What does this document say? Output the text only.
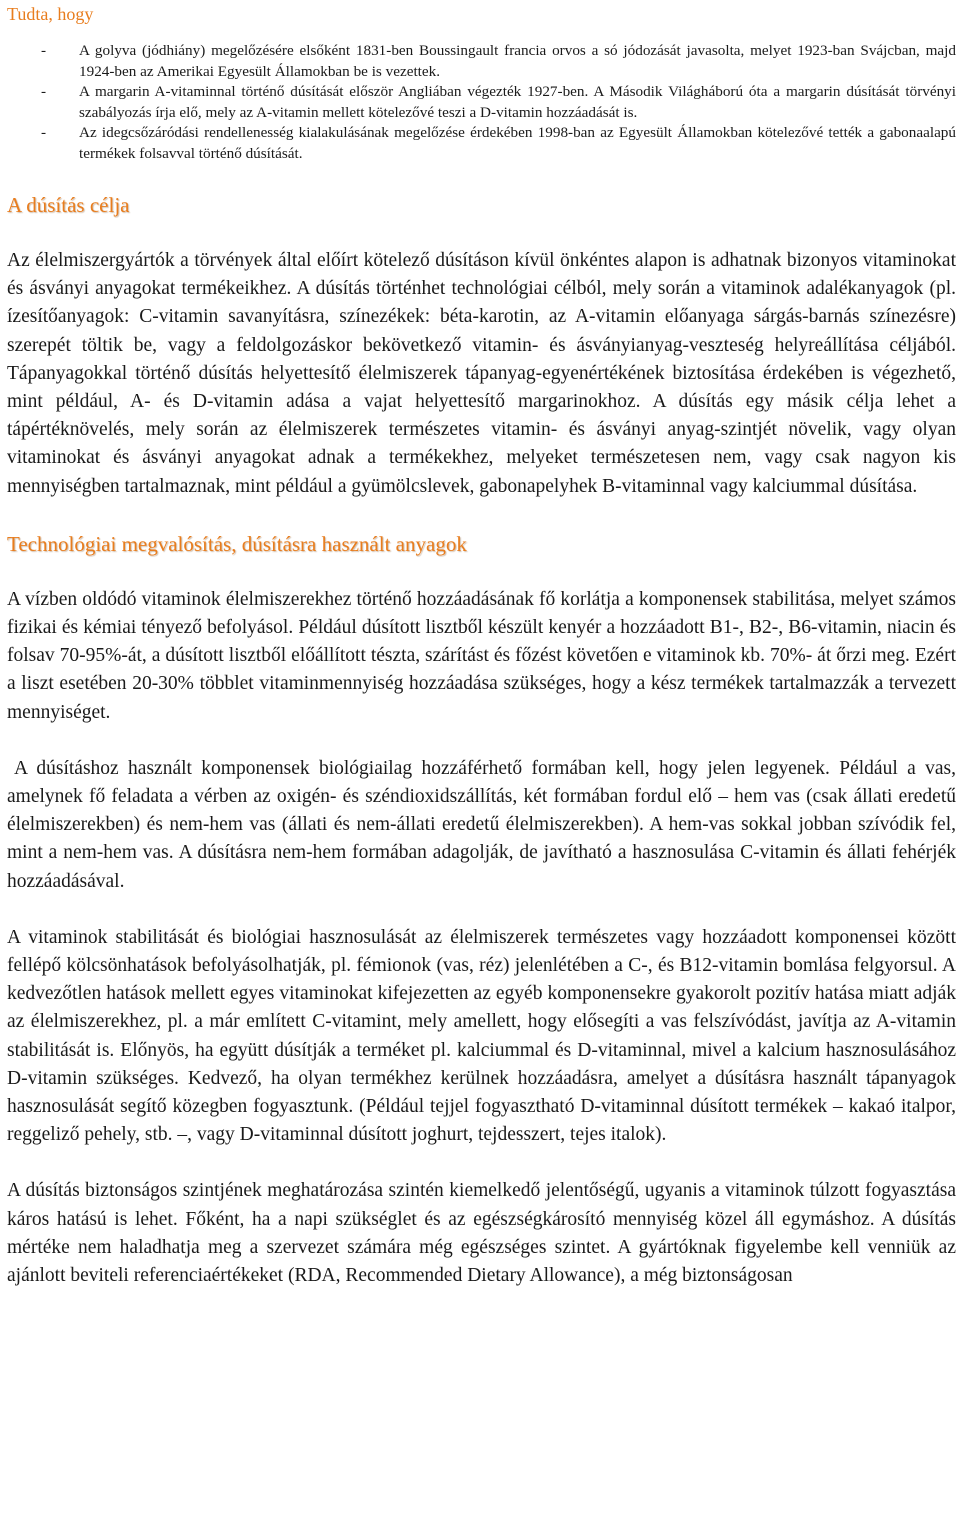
Tudta, hogy
- A golyva (jódhiány) megelőzésére elsőként 1831-ben Boussingault francia orvos a só jódozását javasolta, melyet 1923-ban Svájcban, majd 1924-ben az Amerikai Egyesült Államokban be is vezettek.
- A margarin A-vitaminnal történő dúsítását először Angliában végezték 1927-ben. A Második Világháború óta a margarin dúsítását törvényi szabályozás írja elő, mely az A-vitamin mellett kötelezővé teszi a D-vitamin hozzáadását is.
- Az idegcsőzáródási rendellenesség kialakulásának megelőzése érdekében 1998-ban az Egyesült Államokban kötelezővé tették a gabonaalapú termékek folsavval történő dúsítását.
A dúsítás célja

Az élelmiszergyártók a törvények által előírt kötelező dúsításon kívül önkéntes alapon is adhatnak bizonyos vitaminokat és ásványi anyagokat termékeikhez. A dúsítás történhet technológiai célból, mely során a vitaminok adalékanyagok (pl. ízesítőanyagok: C-vitamin savanyításra, színezékek: béta-karotin, az A-vitamin előanyaga sárgás-barnás színezésre) szerepét töltik be, vagy a feldolgozáskor bekövetkező vitamin- és ásványianyag-veszteség helyreállítása céljából. Tápanyagokkal történő dúsítás helyettesítő élelmiszerek tápanyag-egyenértékének biztosítása érdekében is végezhető, mint például, A- és D-vitamin adása a vajat helyettesítő margarinokhoz. A dúsítás egy másik célja lehet a tápértéknövelés, mely során az élelmiszerek természetes vitamin- és ásványi anyag-szintjét növelik, vagy olyan vitaminokat és ásványi anyagokat adnak a termékekhez, melyeket természetesen nem, vagy csak nagyon kis mennyiségben tartalmaznak, mint például a gyümölcslevek, gabonapelyhek B-vitaminnal vagy kalciummal dúsítása.

Technológiai megvalósítás, dúsításra használt anyagok

A vízben oldódó vitaminok élelmiszerekhez történő hozzáadásának fő korlátja a komponensek stabilitása, melyet számos fizikai és kémiai tényező befolyásol. Például dúsított lisztből készült kenyér a hozzáadott B1-, B2-, B6-vitamin, niacin és folsav 70-95%-át, a dúsított lisztből előállított tészta, szárítást és főzést követően e vitaminok kb. 70%- át őrzi meg. Ezért a liszt esetében 20-30% többlet vitaminmennyiség hozzáadása szükséges, hogy a kész termékek tartalmazzák a tervezett mennyiséget.

A dúsításhoz használt komponensek biológiailag hozzáférhető formában kell, hogy jelen legyenek. Például a vas, amelynek fő feladata a vérben az oxigén- és széndioxidszállítás, két formában fordul elő – hem vas (csak állati eredetű élelmiszerekben) és nem-hem vas (állati és nem-állati eredetű élelmiszerekben). A hem-vas sokkal jobban szívódik fel, mint a nem-hem vas. A dúsításra nem-hem formában adagolják, de javítható a hasznosulása C-vitamin és állati fehérjék hozzáadásával.

A vitaminok stabilitását és biológiai hasznosulását az élelmiszerek természetes vagy hozzáadott komponensei között fellépő kölcsönhatások befolyásolhatják, pl. fémionok (vas, réz) jelenlétében a C-, és B12-vitamin bomlása felgyorsul. A kedvezőtlen hatások mellett egyes vitaminokat kifejezetten az egyéb komponensekre gyakorolt pozitív hatása miatt adják az élelmiszerekhez, pl. a már említett C-vitamint, mely amellett, hogy elősegíti a vas felszívódást, javítja az A-vitamin stabilitását is. Előnyös, ha együtt dúsítják a terméket pl. kalciummal és D-vitaminnal, mivel a kalcium hasznosulásához D-vitamin szükséges. Kedvező, ha olyan termékhez kerülnek hozzáadásra, amelyet a dúsításra használt tápanyagok hasznosulását segítő közegben fogyasztunk. (Például tejjel fogyasztható D-vitaminnal dúsított termékek – kakaó italpor, reggeliző pehely, stb. –, vagy D-vitaminnal dúsított joghurt, tejdesszert, tejes italok).

A dúsítás biztonságos szintjének meghatározása szintén kiemelkedő jelentőségű, ugyanis a vitaminok túlzott fogyasztása káros hatású is lehet. Főként, ha a napi szükséglet és az egészségkárosító mennyiség közel áll egymáshoz. A dúsítás mértéke nem haladhatja meg a szervezet számára még egészséges szintet. A gyártóknak figyelembe kell venniük az ajánlott beviteli referenciaértékeket (RDA, Recommended Dietary Allowance), a még biztonságosan
